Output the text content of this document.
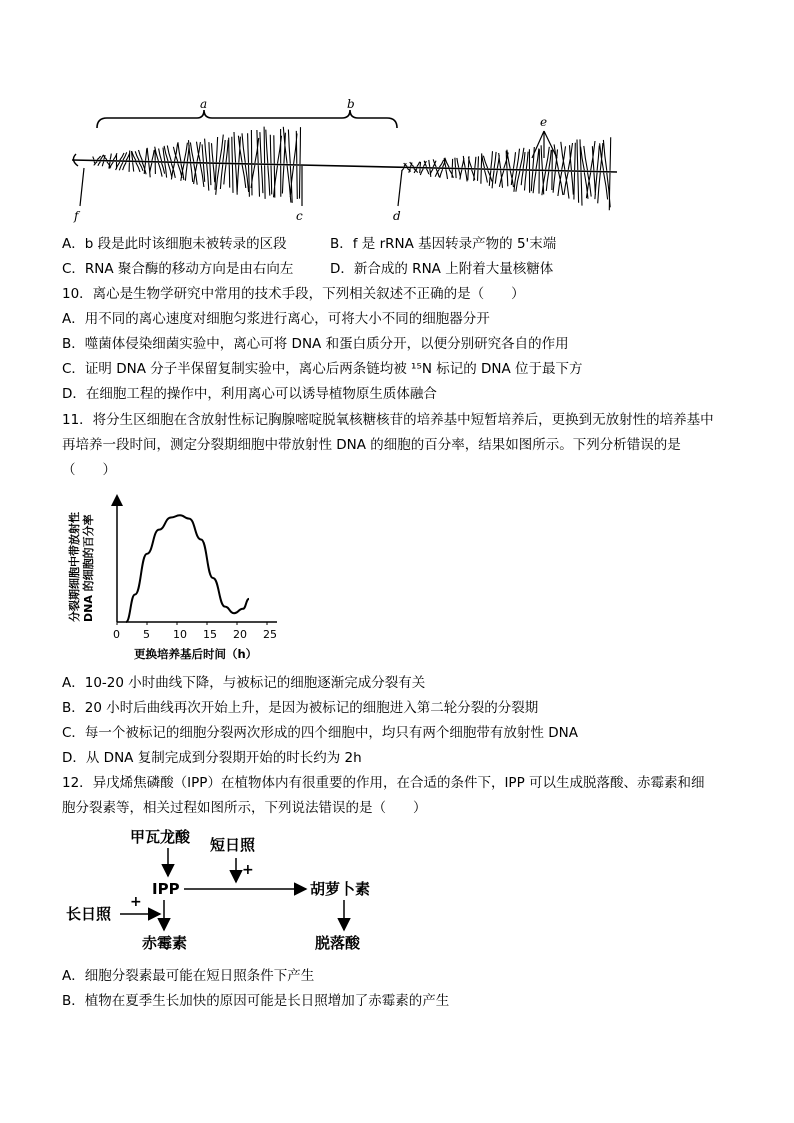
a	b
c	d
e
f
A．b 段是此时该细胞未被转录的区段	B．f 是 rRNA 基因转录产物的 5'末端
C．RNA 聚合酶的移动方向是由右向左	D．新合成的 RNA 上附着大量核糖体
10．离心是生物学研究中常用的技术手段，下列相关叙述不正确的是（　　）
A．用不同的离心速度对细胞匀浆进行离心，可将大小不同的细胞器分开
B．噬菌体侵染细菌实验中，离心可将 DNA 和蛋白质分开，以便分别研究各自的作用
C．证明 DNA 分子半保留复制实验中，离心后两条链均被 ¹⁵N 标记的 DNA 位于最下方
D．在细胞工程的操作中，利用离心可以诱导植物原生质体融合
11．将分生区细胞在含放射性标记胸腺嘧啶脱氧核糖核苷的培养基中短暂培养后，更换到无放射性的培养基中
再培养一段时间，测定分裂期细胞中带放射性 DNA 的细胞的百分率，结果如图所示。下列分析错误的是
（　　）
分裂期细胞中带放射性 DNA 的细胞的百分率
0 5 10 15 20 25
更换培养基后时间（h）
A．10-20 小时曲线下降，与被标记的细胞逐渐完成分裂有关
B．20 小时后曲线再次开始上升，是因为被标记的细胞进入第二轮分裂的分裂期
C．每一个被标记的细胞分裂两次形成的四个细胞中，均只有两个细胞带有放射性 DNA
D．从 DNA 复制完成到分裂期开始的时长约为 2h
12．异戊烯焦磷酸（IPP）在植物体内有很重要的作用，在合适的条件下，IPP 可以生成脱落酸、赤霉素和细
胞分裂素等，相关过程如图所示，下列说法错误的是（　　）
甲瓦龙酸 短日照
+
IPP	胡萝卜素
长日照
+
赤霉素	脱落酸
A．细胞分裂素最可能在短日照条件下产生
B．植物在夏季生长加快的原因可能是长日照增加了赤霉素的产生
